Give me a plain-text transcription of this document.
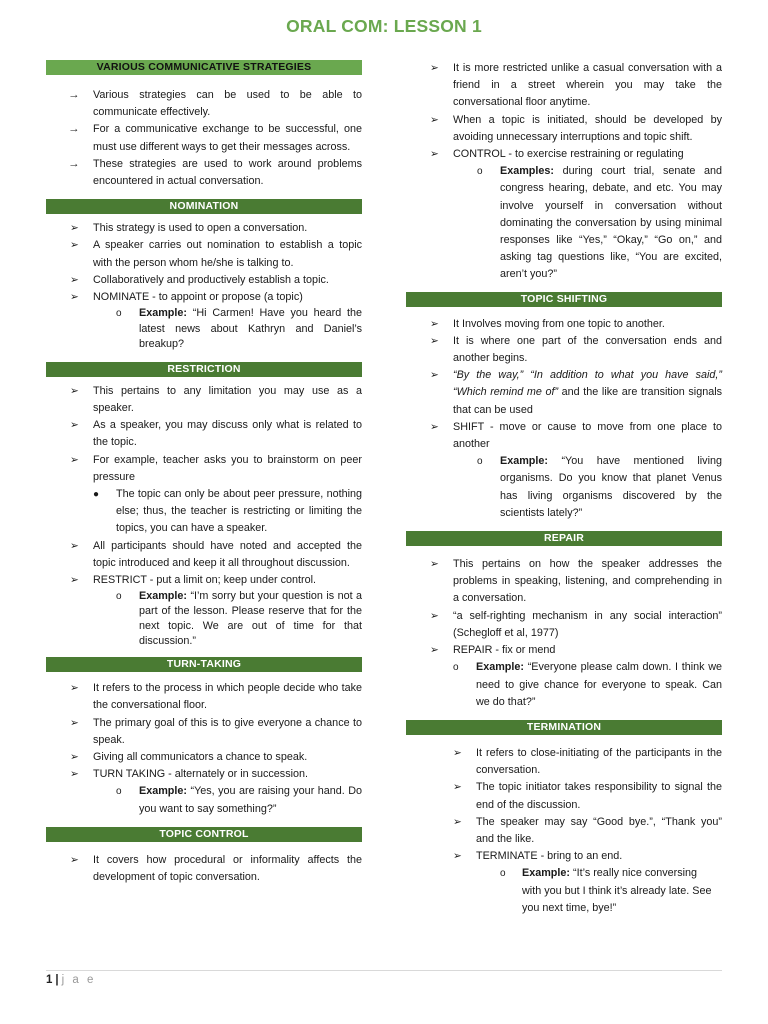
ORAL COM: LESSON 1
VARIOUS COMMUNICATIVE STRATEGIES
→ Various strategies can be used to be able to communicate effectively.
→ For a communicative exchange to be successful, one must use different ways to get their messages across.
→ These strategies are used to work around problems encountered in actual conversation.
NOMINATION
➢ This strategy is used to open a conversation.
➢ A speaker carries out nomination to establish a topic with the person whom he/she is talking to.
➢ Collaboratively and productively establish a topic.
➢ NOMINATE - to appoint or propose (a topic)
o Example: “Hi Carmen! Have you heard the latest news about Kathryn and Daniel’s breakup?
RESTRICTION
➢ This pertains to any limitation you may use as a speaker.
➢ As a speaker, you may discuss only what is related to the topic.
➢ For example, teacher asks you to brainstorm on peer pressure
● The topic can only be about peer pressure, nothing else; thus, the teacher is restricting or limiting the topics, you can have a speaker.
➢ All participants should have noted and accepted the topic introduced and keep it all throughout discussion.
➢ RESTRICT - put a limit on; keep under control.
o Example: “I’m sorry but your question is not a part of the lesson. Please reserve that for the next topic. We are out of time for that discussion.”
TURN-TAKING
➢ It refers to the process in which people decide who take the conversational floor.
➢ The primary goal of this is to give everyone a chance to speak.
➢ Giving all communicators a chance to speak.
➢ TURN TAKING - alternately or in succession.
o Example: “Yes, you are raising your hand. Do you want to say something?”
TOPIC CONTROL
➢ It covers how procedural or informality affects the development of topic conversation.
➢ It is more restricted unlike a casual conversation with a friend in a street wherein you may take the conversational floor anytime.
➢ When a topic is initiated, should be developed by avoiding unnecessary interruptions and topic shift.
➢ CONTROL - to exercise restraining or regulating
o Examples: during court trial, senate and congress hearing, debate, and etc. You may involve yourself in conversation without dominating the conversation by using minimal responses like “Yes,” “Okay,” “Go on,” and asking tag questions like, “You are excited, aren’t you?”
TOPIC SHIFTING
➢ It Involves moving from one topic to another.
➢ It is where one part of the conversation ends and another begins.
➢ “By the way,” “In addition to what you have said,” “Which remind me of” and the like are transition signals that can be used
➢ SHIFT - move or cause to move from one place to another
o Example: “You have mentioned living organisms. Do you know that planet Venus has living organisms discovered by the scientists lately?”
REPAIR
➢ This pertains on how the speaker addresses the problems in speaking, listening, and comprehending in a conversation.
➢ “a self-righting mechanism in any social interaction” (Schegloff et al, 1977)
➢ REPAIR - fix or mend
o Example: “Everyone please calm down. I think we need to give chance for everyone to speak. Can we do that?”
TERMINATION
➢ It refers to close-initiating of the participants in the conversation.
➢ The topic initiator takes responsibility to signal the end of the discussion.
➢ The speaker may say “Good bye.”, “Thank you” and the like.
➢ TERMINATE - bring to an end.
o Example: “It’s really nice conversing with you but I think it’s already late. See you next time, bye!”
1 | j a e
